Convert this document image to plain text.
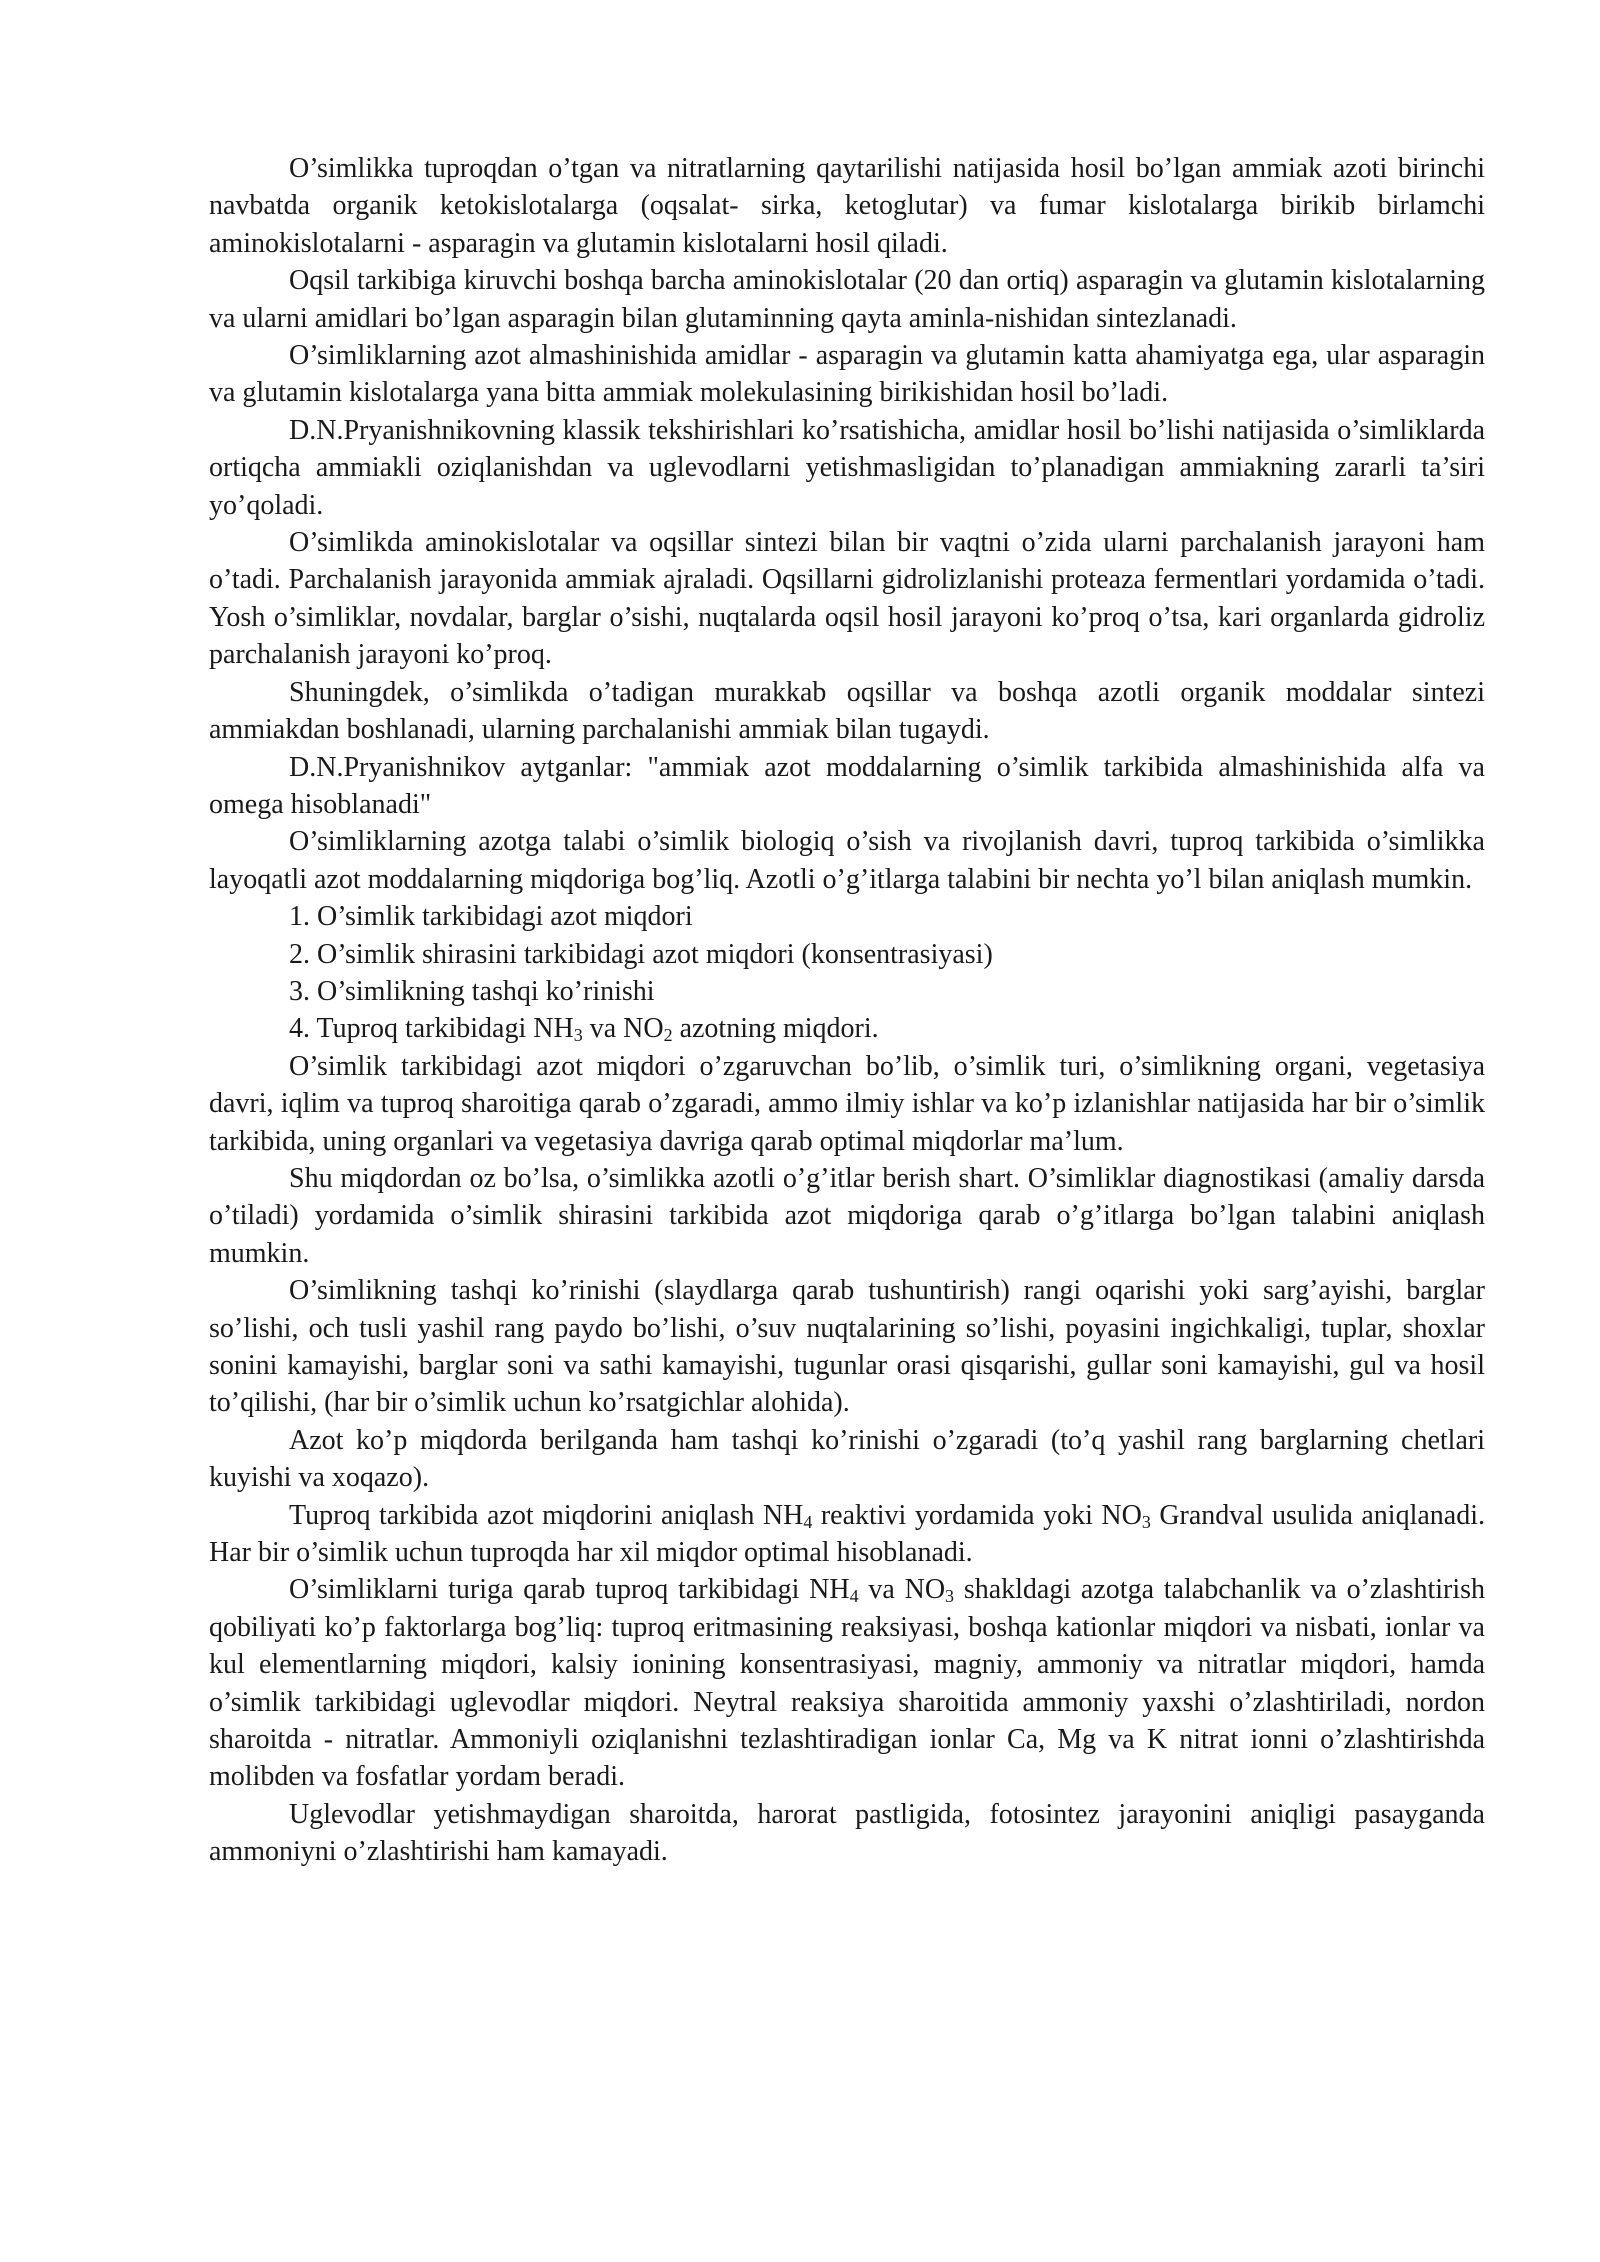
O’simlikka tuproqdan o’tgan va nitratlarning qaytarilishi natijasida hosil bo’lgan ammiak azoti birinchi navbatda organik ketokislotalarga (oqsalat- sirka, ketoglutar) va fumar kislotalarga birikib birlamchi aminokislotalarni - asparagin va glutamin kislotalarni hosil qiladi.

Oqsil tarkibiga kiruvchi boshqa barcha aminokislotalar (20 dan ortiq) asparagin va glutamin kislotalarning va ularni amidlari bo’lgan asparagin bilan glutaminning qayta aminla-nishidan sintezlanadi.

O’simliklarning azot almashinishida amidlar - asparagin va glutamin katta ahamiyatga ega, ular asparagin va glutamin kislotalarga yana bitta ammiak molekulasining birikishidan hosil bo’ladi.

D.N.Pryanishnikovning klassik tekshirishlari ko’rsatishicha, amidlar hosil bo’lishi natijasida o’simliklarda ortiqcha ammiakli oziqlanishdan va uglevodlarni yetishmasligidan to’planadigan ammiakning zararli ta’siri yo’qoladi.

O’simlikda aminokislotalar va oqsillar sintezi bilan bir vaqtni o’zida ularni parchalanish jarayoni ham o’tadi. Parchalanish jarayonida ammiak ajraladi. Oqsillarni gidrolizlanishi proteaza fermentlari yordamida o’tadi. Yosh o’simliklar, novdalar, barglar o’sishi, nuqtalarda oqsil hosil jarayoni ko’proq o’tsa, kari organlarda gidroliz parchalanish jarayoni ko’proq.

Shuningdek, o’simlikda o’tadigan murakkab oqsillar va boshqa azotli organik moddalar sintezi ammiakdan boshlanadi, ularning parchalanishi ammiak bilan tugaydi.

D.N.Pryanishnikov aytganlar: "ammiak azot moddalarning o’simlik tarkibida almashinishida alfa va omega hisoblanadi"

O’simliklarning azotga talabi o’simlik biologiq o’sish va rivojlanish davri, tuproq tarkibida o’simlikka layoqatli azot moddalarning miqdoriga bog’liq. Azotli o’g’itlarga talabini bir nechta yo’l bilan aniqlash mumkin.

1. O’simlik tarkibidagi azot miqdori

2. O’simlik shirasini tarkibidagi azot miqdori (konsentrasiyasi)

3. O’simlikning tashqi ko’rinishi

4. Tuproq tarkibidagi $NH_3$ va $NO_2$ azotning miqdori.

O’simlik tarkibidagi azot miqdori o’zgaruvchan bo’lib, o’simlik turi, o’simlikning organi, vegetasiya davri, iqlim va tuproq sharoitiga qarab o’zgaradi, ammo ilmiy ishlar va ko’p izlanishlar natijasida har bir o’simlik tarkibida, uning organlari va vegetasiya davriga qarab optimal miqdorlar ma’lum.

Shu miqdordan oz bo’lsa, o’simlikka azotli o’g’itlar berish shart. O’simliklar diagnostikasi (amaliy darsda o’tiladi) yordamida o’simlik shirasini tarkibida azot miqdoriga qarab o’g’itlarga bo’lgan talabini aniqlash mumkin.

O’simlikning tashqi ko’rinishi (slaydlarga qarab tushuntirish) rangi oqarishi yoki sarg’ayishi, barglar so’lishi, och tusli yashil rang paydo bo’lishi, o’suv nuqtalarining so’lishi, poyasini ingichkaligi, tuplar, shoxlar sonini kamayishi, barglar soni va sathi kamayishi, tugunlar orasi qisqarishi, gullar soni kamayishi, gul va hosil to’qilishi, (har bir o’simlik uchun ko’rsatgichlar alohida).

Azot ko’p miqdorda berilganda ham tashqi ko’rinishi o’zgaradi (to’q yashil rang barglarning chetlari kuyishi va xoqazo).

Tuproq tarkibida azot miqdorini aniqlash $NH_4$ reaktivi yordamida yoki $NO_3$ Grandval usulida aniqlanadi. Har bir o’simlik uchun tuproqda har xil miqdor optimal hisoblanadi.

O’simliklarni turiga qarab tuproq tarkibidagi $NH_4$ va $NO_3$ shakldagi azotga talabchanlik va o’zlashtirish qobiliyati ko’p faktorlarga bog’liq: tuproq eritmasining reaksiyasi, boshqa kationlar miqdori va nisbati, ionlar va kul elementlarning miqdori, kalsiy ionining konsentrasiyasi, magniy, ammoniy va nitratlar miqdori, hamda o’simlik tarkibidagi uglevodlar miqdori. Neytral reaksiya sharoitida ammoniy yaxshi o’zlashtiriladi, nordon sharoitda - nitratlar. Ammoniyli oziqlanishni tezlashtiradigan ionlar Ca, Mg va K nitrat ionni o’zlashtirishda molibden va fosfatlar yordam beradi.

Uglevodlar yetishmaydigan sharoitda, harorat pastligida, fotosintez jarayonini aniqligi pasayganda ammoniyni o’zlashtirishi ham kamayadi.
